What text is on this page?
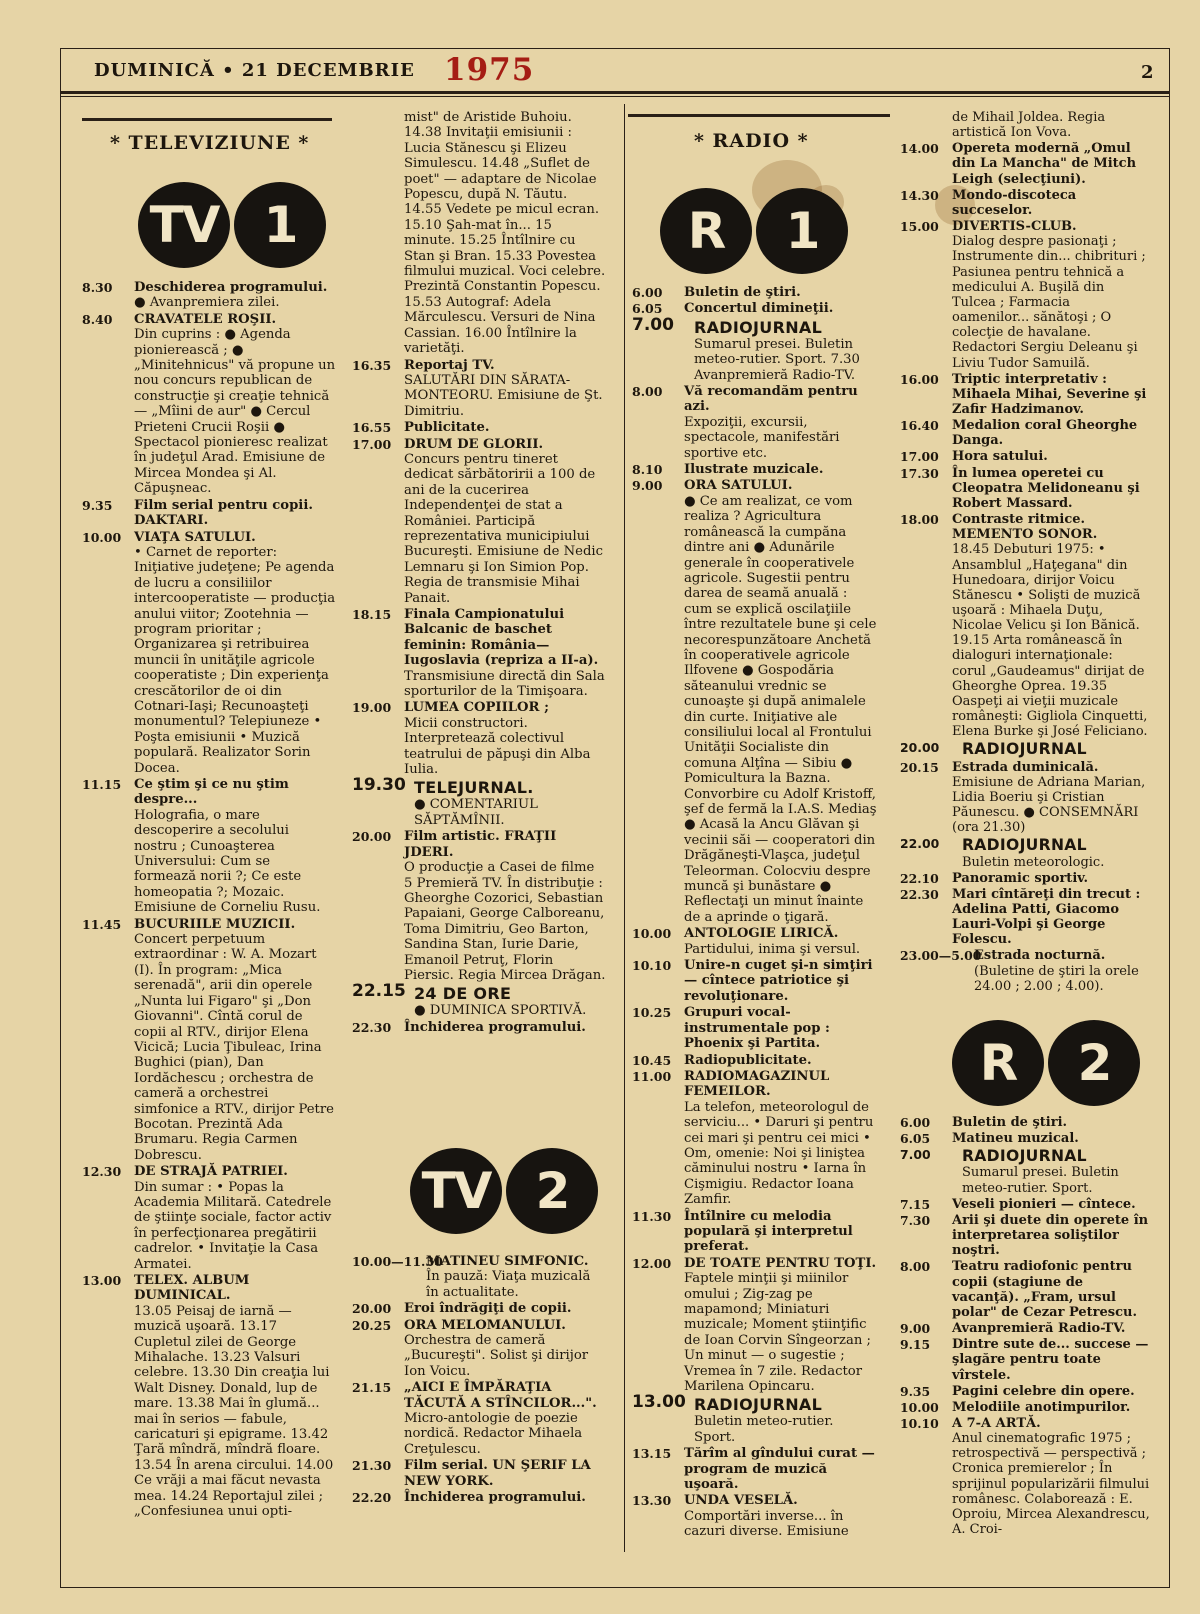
DUMINICĂ • 21 DECEMBRIE 1975	2
* TELEVIZIUNE *	* RADIO *
TV 1	R	1
TV 2
R	2
8.30 Deschiderea programului.
● Avanpremiera zilei.
8.40 CRAVATELE ROŞII.
Din cuprins : ● Agenda pionierească ; ● „Minitehnicus" vă propune un nou concurs republican de construcţie şi creaţie tehnică — „Mîini de aur" ● Cercul Prieteni Crucii Roşii ● Spectacol pionieresc realizat în judeţul Arad. Emisiune de Mircea Mondea şi Al. Căpuşneac.
9.35 Film serial pentru copii. DAKTARI.
10.00 VIAŢA SATULUI.
• Carnet de reporter: Iniţiative judeţene; Pe agenda de lucru a consiliilor intercooperatiste — producţia anului viitor; Zootehnia — program prioritar ; Organizarea şi retribuirea muncii în unităţile agricole cooperatiste ; Din experienţa crescătorilor de oi din Cotnari-Iaşi; Recunoaşteţi monumentul? Telepiuneze • Poşta emisiunii • Muzică populară. Realizator Sorin Docea.
11.15 Ce ştim şi ce nu ştim despre...
Holografia, o mare descoperire a secolului nostru ; Cunoaşterea Universului: Cum se formează norii ?; Ce este homeopatia ?; Mozaic. Emisiune de Corneliu Rusu.
11.45 BUCURIILE MUZICII.
Concert perpetuum extraordinar : W. A. Mozart (I). În program: „Mica serenadă", arii din operele „Nunta lui Figaro" şi „Don Giovanni". Cîntă corul de copii al RTV., dirijor Elena Vicică; Lucia Ţibuleac, Irina Bughici (pian), Dan Iordăchescu ; orchestra de cameră a orchestrei simfonice a RTV., dirijor Petre Bocotan. Prezintă Ada Brumaru. Regia Carmen Dobrescu.
12.30 DE STRAJĂ PATRIEI.
Din sumar : • Popas la Academia Militară. Catedrele de ştiinţe sociale, factor activ în perfecţionarea pregătirii cadrelor. • Invitaţie la Casa Armatei.
13.00 TELEX. ALBUM DUMINICAL.
13.05 Peisaj de iarnă — muzică uşoară. 13.17 Cupletul zilei de George Mihalache. 13.23 Valsuri celebre. 13.30 Din creaţia lui Walt Disney. Donald, lup de mare. 13.38 Mai în glumă... mai în serios — fabule, caricaturi şi epigrame. 13.42 Ţară mîndră, mîndră floare. 13.54 În arena circului. 14.00 Ce vrăji a mai făcut nevasta mea. 14.24 Reportajul zilei ; „Confesiunea unui opti-
mist" de Aristide Buhoiu. 14.38 Invitaţii emisiunii : Lucia Stănescu şi Elizeu Simulescu. 14.48 „Suflet de poet" — adaptare de Nicolae Popescu, după N. Tăutu. 14.55 Vedete pe micul ecran. 15.10 Şah-mat în... 15 minute. 15.25 Întîlnire cu Stan şi Bran. 15.33 Povestea filmului muzical. Voci celebre. Prezintă Constantin Popescu. 15.53 Autograf: Adela Mărculescu. Versuri de Nina Cassian. 16.00 Întîlnire la varietăţi.
16.35 Reportaj TV.
SALUTĂRI DIN SĂRATA-MONTEORU. Emisiune de Şt. Dimitriu.
16.55 Publicitate.
17.00 DRUM DE GLORII.
Concurs pentru tineret dedicat sărbătoririi a 100 de ani de la cucerirea Independenţei de stat a României. Participă reprezentativa municipiului Bucureşti. Emisiune de Nedic Lemnaru şi Ion Simion Pop. Regia de transmisie Mihai Panait.
18.15 Finala Campionatului Balcanic de baschet feminin: România—Iugoslavia (repriza a II-a).
Transmisiune directă din Sala sporturilor de la Timişoara.
19.00 LUMEA COPIILOR ;
Micii constructori. Interpretează colectivul teatrului de păpuşi din Alba Iulia.
19.30 TELEJURNAL.
● COMENTARIUL SĂPTĂMÎNII.
20.00 Film artistic. FRAŢII JDERI.
O producţie a Casei de filme 5 Premieră TV. În distribuţie : Gheorghe Cozorici, Sebastian Papaiani, George Calboreanu, Toma Dimitriu, Geo Barton, Sandina Stan, Iurie Darie, Emanoil Petruţ, Florin Piersic. Regia Mircea Drăgan.
22.15 24 DE ORE
● DUMINICA SPORTIVĂ.
22.30 Închiderea programului.
10.00—11.30
MATINEU SIMFONIC.
În pauză: Viaţa muzicală în actualitate.
20.00 Eroi îndrăgiţi de copii.
20.25 ORA MELOMANULUI.
Orchestra de cameră „Bucureşti". Solist şi dirijor Ion Voicu.
21.15 „AICI E ÎMPĂRAŢIA TĂCUTĂ A STÎNCILOR...".
Micro-antologie de poezie nordică. Redactor Mihaela Creţulescu.
21.30 Film serial. UN ŞERIF LA NEW YORK.
22.20 Închiderea programului.
6.00 Buletin de ştiri.
6.05 Concertul dimineţii.
7.00 RADIOJURNAL
Sumarul presei. Buletin meteo-rutier. Sport. 7.30 Avanpremieră Radio-TV.
8.00 Vă recomandăm pentru azi.
Expoziţii, excursii, spectacole, manifestări sportive etc.
8.10 Ilustrate muzicale.
9.00 ORA SATULUI.
● Ce am realizat, ce vom realiza ? Agricultura românească la cumpăna dintre ani ● Adunările generale în cooperativele agricole. Sugestii pentru darea de seamă anuală : cum se explică oscilaţiile între rezultatele bune şi cele necorespunzătoare Anchetă în cooperativele agricole Ilfovene ● Gospodăria săteanului vrednic se cunoaşte şi după animalele din curte. Iniţiative ale consiliului local al Frontului Unităţii Socialiste din comuna Alţîna — Sibiu ● Pomicultura la Bazna. Convorbire cu Adolf Kristoff, şef de fermă la I.A.S. Mediaş ● Acasă la Ancu Glăvan şi vecinii săi — cooperatori din Drăgăneşti-Vlaşca, judeţul Teleorman. Colocviu despre muncă şi bunăstare ● Reflectaţi un minut înainte de a aprinde o ţigară.
10.00 ANTOLOGIE LIRICĂ.
Partidului, inima şi versul.
10.10 Unire-n cuget şi-n simţiri — cîntece patriotice şi revoluţionare.
10.25 Grupuri vocal-instrumentale pop : Phoenix şi Partita.
10.45 Radiopublicitate.
11.00 RADIOMAGAZINUL FEMEILOR.
La telefon, meteorologul de serviciu... • Daruri şi pentru cei mari şi pentru cei mici • Om, omenie: Noi şi liniştea căminului nostru • Iarna în Cişmigiu. Redactor Ioana Zamfir.
11.30 Întîlnire cu melodia populară şi interpretul preferat.
12.00 DE TOATE PENTRU TOŢI.
Faptele minţii şi miinilor omului ; Zig-zag pe mapamond; Miniaturi muzicale; Moment ştiinţific de Ioan Corvin Sîngeorzan ; Un minut — o sugestie ; Vremea în 7 zile. Redactor Marilena Opincaru.
13.00 RADIOJURNAL
Buletin meteo-rutier. Sport.
13.15 Tărîm al gîndului curat — program de muzică uşoară.
13.30 UNDA VESELĂ.
Comportări inverse... în cazuri diverse. Emisiune
de Mihail Joldea. Regia artistică Ion Vova.
14.00 Opereta modernă „Omul din La Mancha" de Mitch Leigh (selecţiuni).
14.30 Mondo-discoteca succeselor.
15.00 DIVERTIS-CLUB.
Dialog despre pasionaţi ; Instrumente din... chibrituri ; Pasiunea pentru tehnică a medicului A. Buşilă din Tulcea ; Farmacia oamenilor... sănătoşi ; O colecţie de havalane. Redactori Sergiu Deleanu şi Liviu Tudor Samuilă.
16.00 Triptic interpretativ : Mihaela Mihai, Severine şi Zafir Hadzimanov.
16.40 Medalion coral Gheorghe Danga.
17.00 Hora satului.
17.30 În lumea operetei cu Cleopatra Melidoneanu şi Robert Massard.
18.00 Contraste ritmice. MEMENTO SONOR.
18.45 Debuturi 1975: • Ansamblul „Haţegana" din Hunedoara, dirijor Voicu Stănescu • Solişti de muzică uşoară : Mihaela Duţu, Nicolae Velicu şi Ion Bănică. 19.15 Arta românească în dialoguri internaţionale: corul „Gaudeamus" dirijat de Gheorghe Oprea. 19.35 Oaspeţi ai vieţii muzicale româneşti: Gigliola Cinquetti, Elena Burke şi José Feliciano.
20.00 RADIOJURNAL
20.15 Estrada duminicală.
Emisiune de Adriana Marian, Lidia Boeriu şi Cristian Păunescu. ● CONSEMNĂRI (ora 21.30)
22.00 RADIOJURNAL
Buletin meteorologic.
22.10 Panoramic sportiv.
22.30 Mari cîntăreţi din trecut : Adelina Patti, Giacomo Lauri-Volpi şi George Folescu.
23.00—5.00
Estrada nocturnă.
(Buletine de ştiri la orele 24.00 ; 2.00 ; 4.00).
6.00 Buletin de ştiri.
6.05 Matineu muzical.
7.00 RADIOJURNAL
Sumarul presei. Buletin meteo-rutier. Sport.
7.15 Veseli pionieri — cîntece.
7.30 Arii şi duete din operete în interpretarea soliştilor noştri.
8.00 Teatru radiofonic pentru copii (stagiune de vacanţă). „Fram, ursul polar" de Cezar Petrescu.
9.00 Avanpremieră Radio-TV.
9.15 Dintre sute de... succese — şlagăre pentru toate vîrstele.
9.35 Pagini celebre din opere.
10.00 Melodiile anotimpurilor.
10.10 A 7-A ARTĂ.
Anul cinematografic 1975 ; retrospectivă — perspectivă ; Cronica premierelor ; În sprijinul popularizării filmului românesc. Colaborează : E. Oproiu, Mircea Alexandrescu, A. Croi-
